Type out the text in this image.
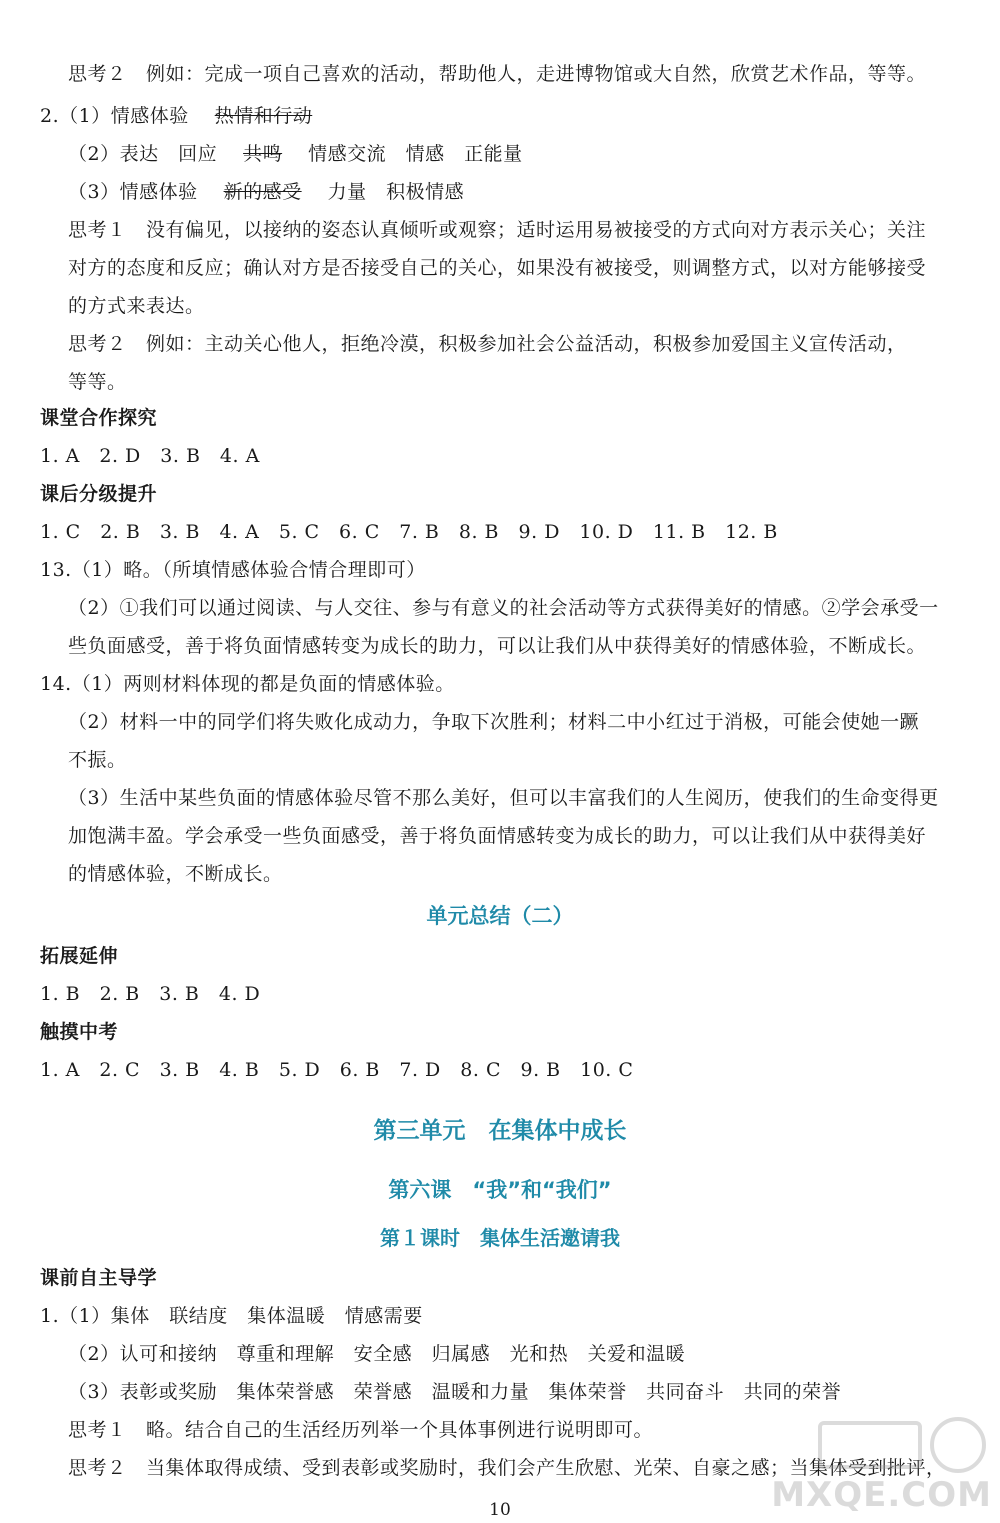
思考２　例如：完成一项自己喜欢的活动，帮助他人，走进博物馆或大自然，欣赏艺术作品，等等。
2.（1）情感体验 热情和行动
（2）表达　回应 共鸣 情感交流　情感　正能量
（3）情感体验 新的感受 力量　积极情感
思考１　没有偏见，以接纳的姿态认真倾听或观察；适时运用易被接受的方式向对方表示关心；关注
对方的态度和反应；确认对方是否接受自己的关心，如果没有被接受，则调整方式，以对方能够接受
的方式来表达。
思考２　例如：主动关心他人，拒绝冷漠，积极参加社会公益活动，积极参加爱国主义宣传活动，
等等。
课堂合作探究
1. A　2. D　3. B　4. A
课后分级提升
1. C　2. B　3. B　4. A　5. C　6. C　7. B　8. B　9. D　10. D　11. B　12. B
13.（1）略。（所填情感体验合情合理即可）
（2）①我们可以通过阅读、与人交往、参与有意义的社会活动等方式获得美好的情感。②学会承受一
些负面感受，善于将负面情感转变为成长的助力，可以让我们从中获得美好的情感体验，不断成长。
14.（1）两则材料体现的都是负面的情感体验。
（2）材料一中的同学们将失败化成动力，争取下次胜利；材料二中小红过于消极，可能会使她一蹶
不振。
（3）生活中某些负面的情感体验尽管不那么美好，但可以丰富我们的人生阅历，使我们的生命变得更
加饱满丰盈。学会承受一些负面感受，善于将负面情感转变为成长的助力，可以让我们从中获得美好
的情感体验，不断成长。
单元总结（二）
拓展延伸
1. B　2. B　3. B　4. D
触摸中考
1. A　2. C　3. B　4. B　5. D　6. B　7. D　8. C　9. B　10. C
第三单元　在集体中成长
第六课　“我”和“我们”
第１课时　集体生活邀请我
课前自主导学
1.（1）集体　联结度　集体温暖　情感需要
（2）认可和接纳　尊重和理解　安全感　归属感　光和热　关爱和温暖
（3）表彰或奖励　集体荣誉感　荣誉感　温暖和力量　集体荣誉　共同奋斗　共同的荣誉
思考１　略。结合自己的生活经历列举一个具体事例进行说明即可。
思考２　当集体取得成绩、受到表彰或奖励时，我们会产生欣慰、光荣、自豪之感；当集体受到批评，
10	MXQE.COM
